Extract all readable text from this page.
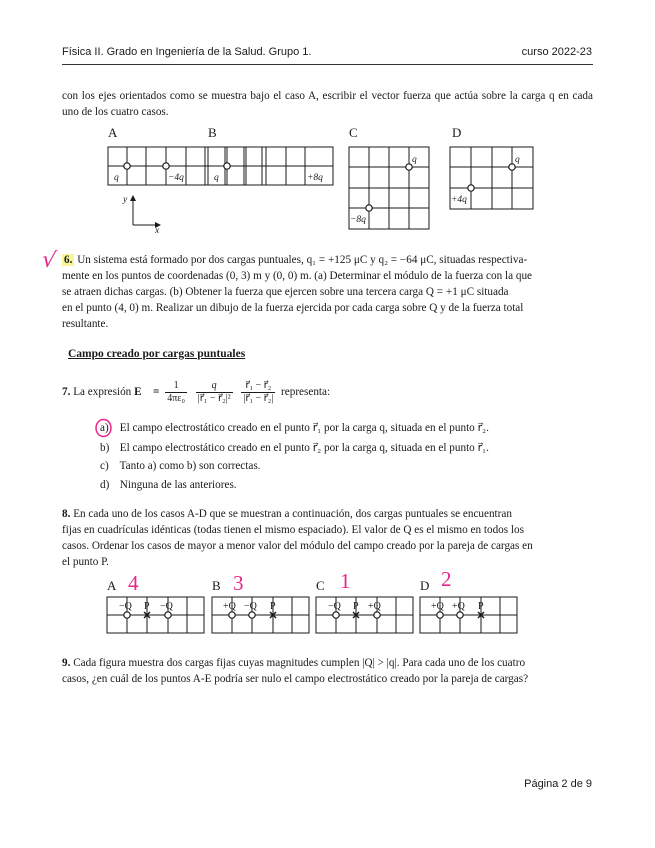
Física II. Grado en Ingeniería de la Salud. Grupo 1.	curso 2022-23
con los ejes orientados como se muestra bajo el caso A, escribir el vector fuerza que actúa sobre la carga q en cada uno de los cuatro casos.
A	B	C	D
q	−4q	q	+8q
q
−8q
q
+4q
y
x
√ 6. Un sistema está formado por dos cargas puntuales, q₁ = +125 μC y q₂ = −64 μC, situadas respectiva-
mente en los puntos de coordenadas (0, 3) m y (0, 0) m. (a) Determinar el módulo de la fuerza con la que
se atraen dichas cargas. (b) Obtener la fuerza que ejercen sobre una tercera carga Q = +1 μC situada
en el punto (4, 0) m. Realizar un dibujo de la fuerza ejercida por cada carga sobre Q y de la fuerza total
resultante.
Campo creado por cargas puntuales
7. La expresión E⃗ = $\frac{1}{\text{4πε₀}}$
$\frac{q}{\text{|r⃗₁ − r⃗₂|²}}$
$\frac{\text{r⃗₁ − r⃗₂}}{\text{|r⃗₁ − r⃗₂|}}$ representa:
a) El campo electrostático creado en el punto r⃗₁ por la carga q, situada en el punto r⃗₂.
b) El campo electrostático creado en el punto r⃗₂ por la carga q, situada en el punto r⃗₁.
c) Tanto a) como b) son correctas.
d) Ninguna de las anteriores.
8. En cada uno de los casos A-D que se muestran a continuación, dos cargas puntuales se encuentran
fijas en cuadrículas idénticas (todas tienen el mismo espaciado). El valor de Q es el mismo en todos los
casos. Ordenar los casos de mayor a menor valor del módulo del campo creado por la pareja de cargas en
el punto P.
A	B	C	D
−Q P −Q	+Q −Q P	−Q P +Q	+Q +Q P
4	3	1	2
9. Cada figura muestra dos cargas fijas cuyas magnitudes cumplen |Q| > |q|. Para cada uno de los cuatro
casos, ¿en cuál de los puntos A-E podría ser nulo el campo electrostático creado por la pareja de cargas?
Página 2 de 9
